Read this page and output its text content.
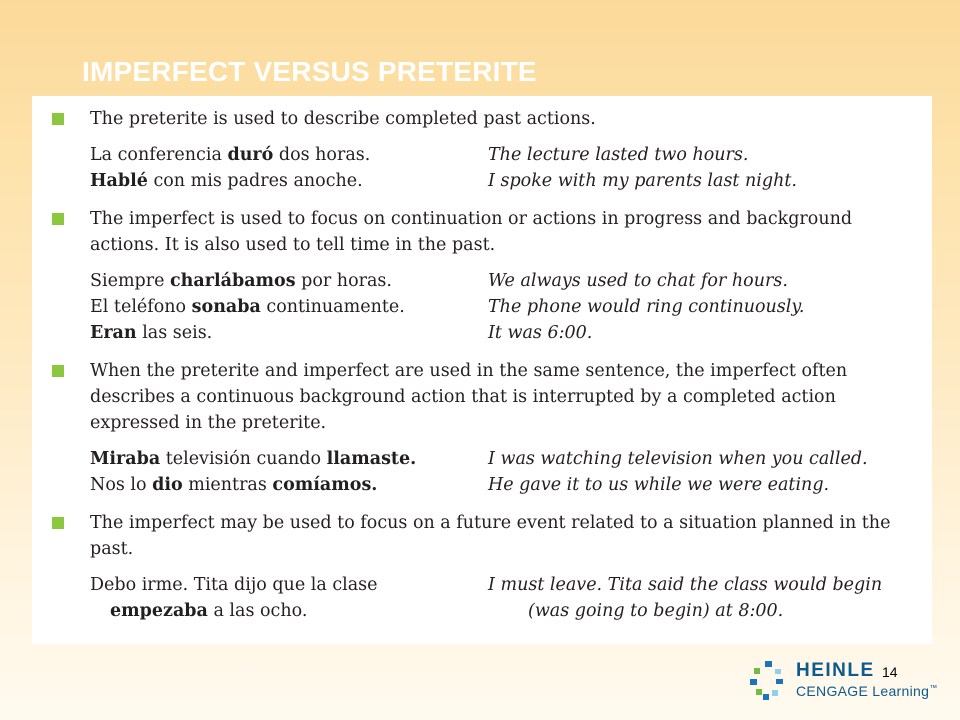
IMPERFECT VERSUS PRETERITE
The preterite is used to describe completed past actions.
La conferencia duró dos horas.	The lecture lasted two hours.
Hablé con mis padres anoche.	I spoke with my parents last night.
The imperfect is used to focus on continuation or actions in progress and background actions. It is also used to tell time in the past.
Siempre charlábamos por horas.	We always used to chat for hours.
El teléfono sonaba continuamente.	The phone would ring continuously.
Eran las seis.	It was 6:00.
When the preterite and imperfect are used in the same sentence, the imperfect often describes a continuous background action that is interrupted by a completed action expressed in the preterite.
Miraba televisión cuando llamaste.	I was watching television when you called.
Nos lo dio mientras comíamos.	He gave it to us while we were eating.
The imperfect may be used to focus on a future event related to a situation planned in the past.
Debo irme. Tita dijo que la clase	I must leave. Tita said the class would begin
empezaba a las ocho.	(was going to begin) at 8:00.
14
HEINLE
CENGAGE Learning™
